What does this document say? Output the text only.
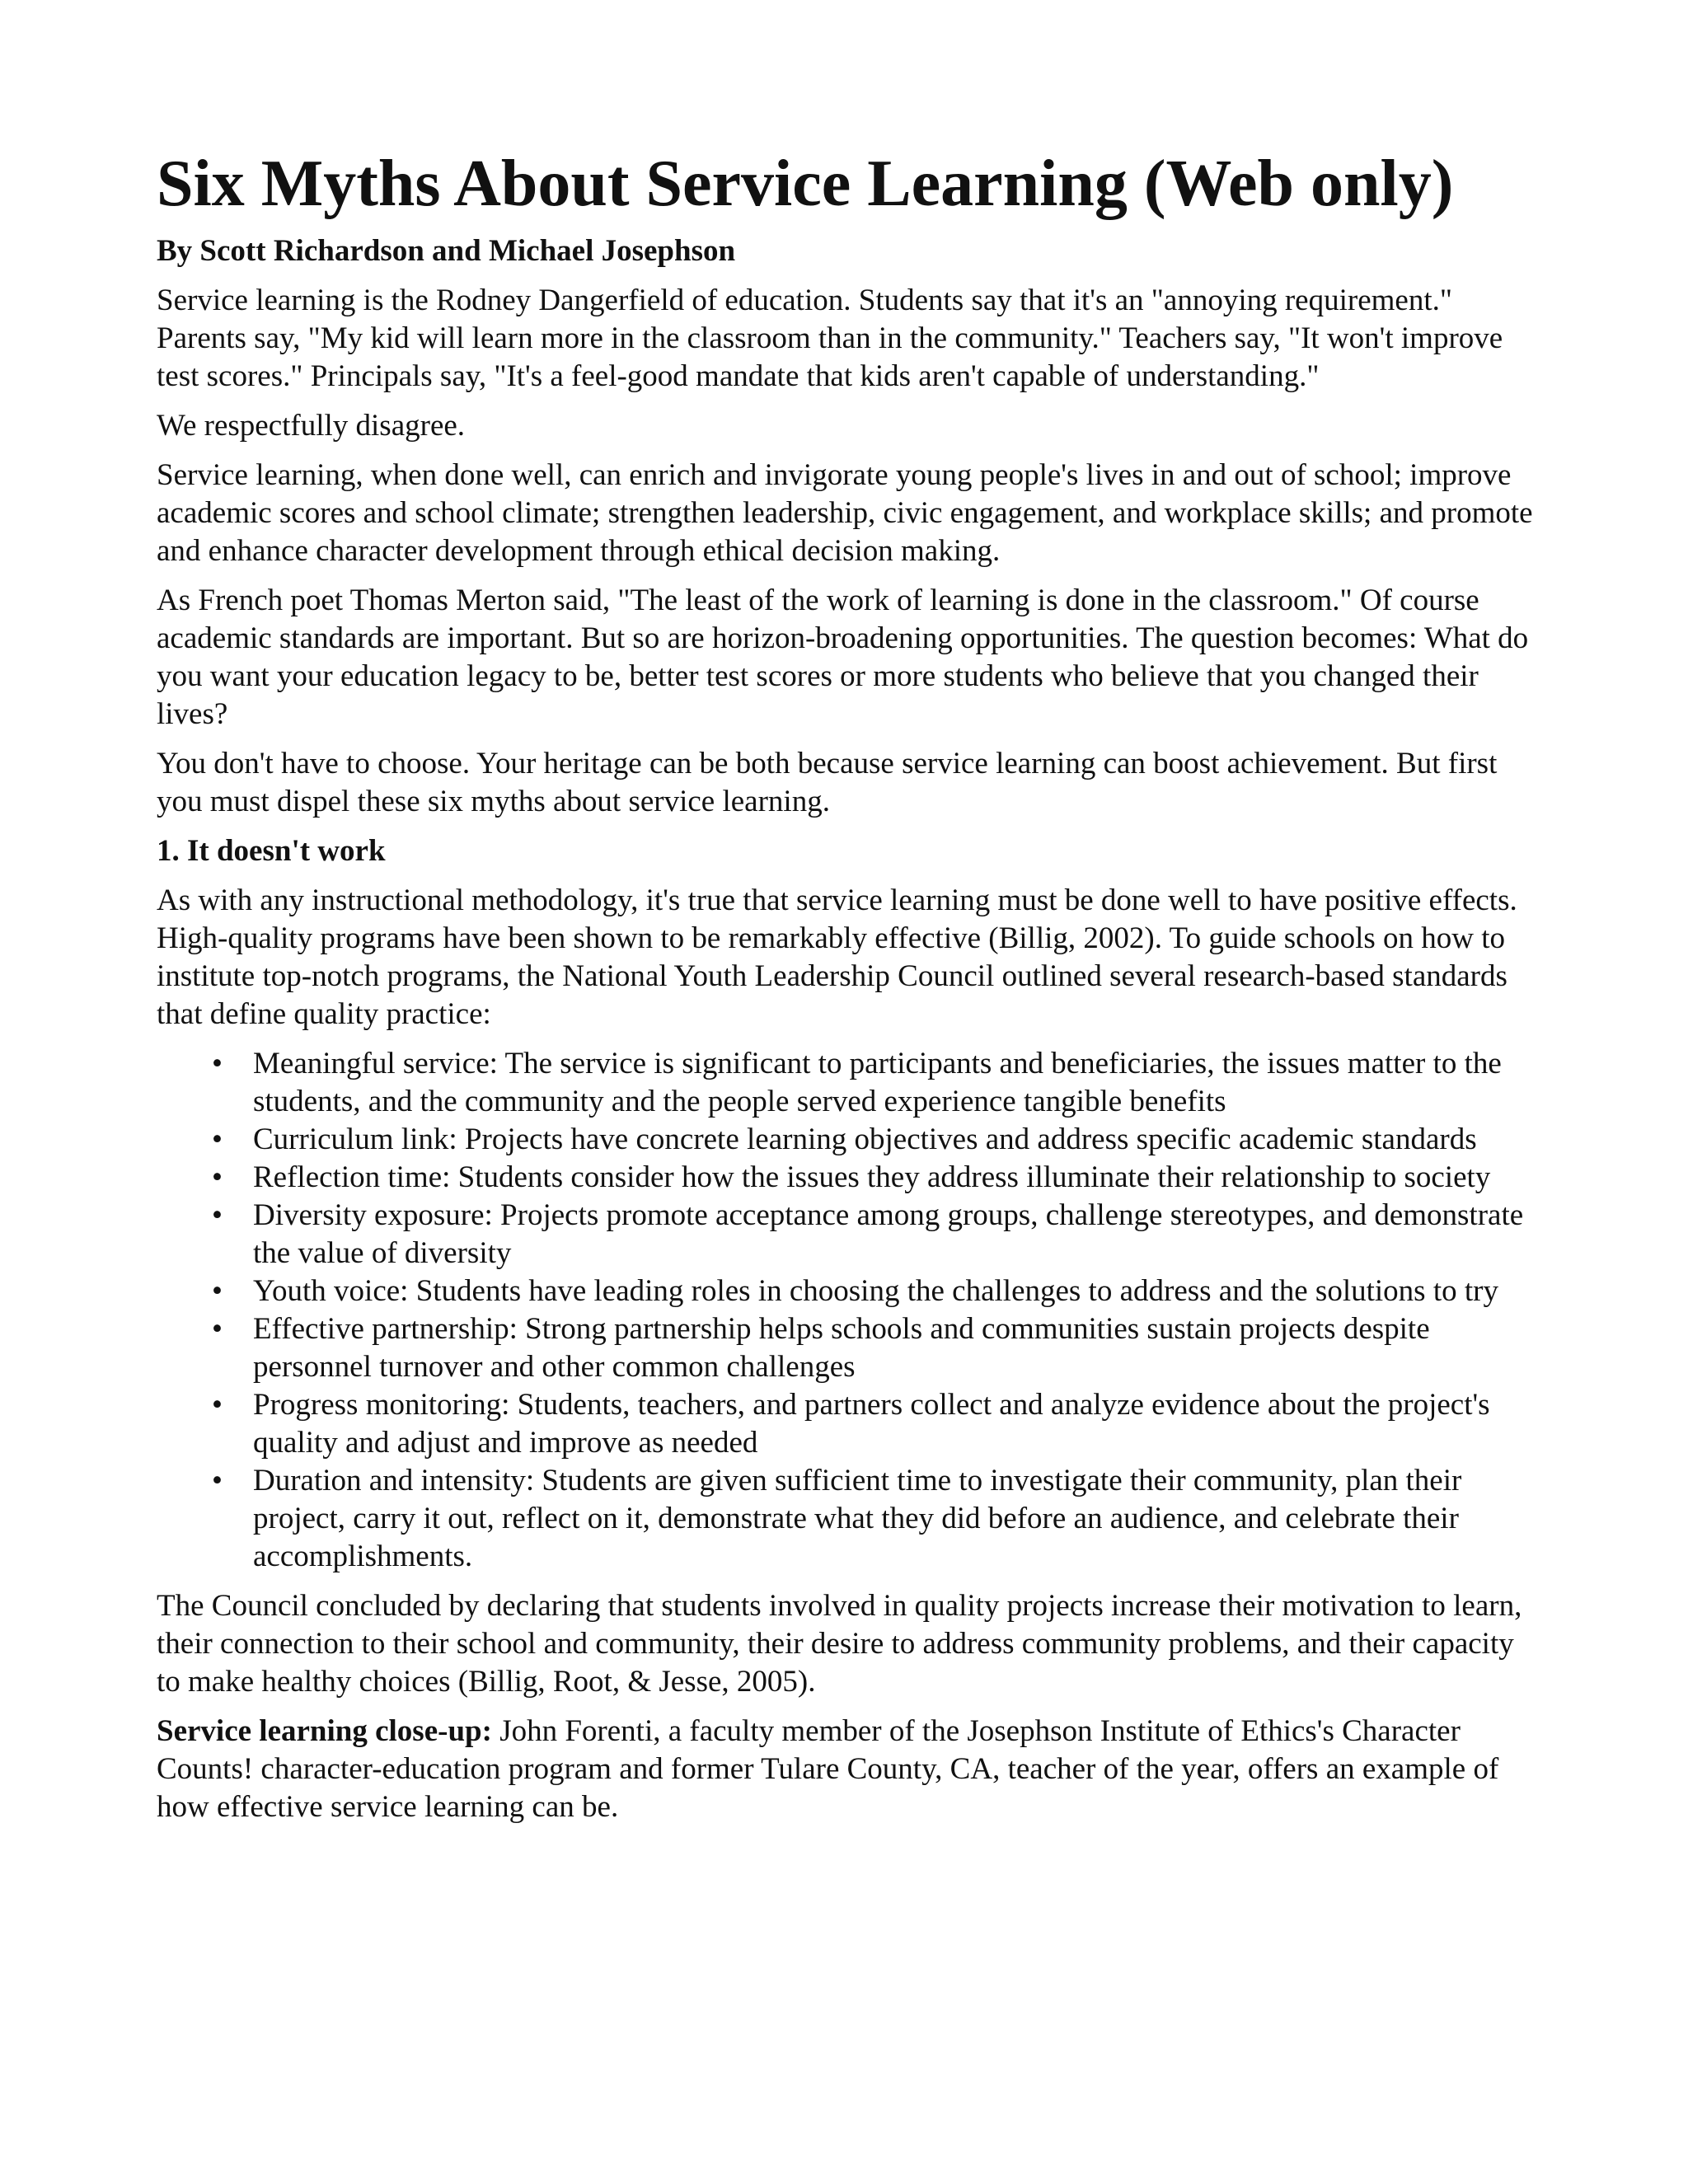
Six Myths About Service Learning (Web only)
By Scott Richardson and Michael Josephson

Service learning is the Rodney Dangerfield of education. Students say that it's an "annoying requirement." Parents say, "My kid will learn more in the classroom than in the community." Teachers say, "It won't improve test scores." Principals say, "It's a feel-good mandate that kids aren't capable of understanding."

We respectfully disagree.

Service learning, when done well, can enrich and invigorate young people's lives in and out of school; improve academic scores and school climate; strengthen leadership, civic engagement, and workplace skills; and promote and enhance character development through ethical decision making.

As French poet Thomas Merton said, "The least of the work of learning is done in the classroom." Of course academic standards are important. But so are horizon-broadening opportunities. The question becomes: What do you want your education legacy to be, better test scores or more students who believe that you changed their lives?

You don't have to choose. Your heritage can be both because service learning can boost achievement. But first you must dispel these six myths about service learning.

1. It doesn't work

As with any instructional methodology, it's true that service learning must be done well to have positive effects. High-quality programs have been shown to be remarkably effective (Billig, 2002). To guide schools on how to institute top-notch programs, the National Youth Leadership Council outlined several research-based standards that define quality practice:

• Meaningful service: The service is significant to participants and beneficiaries, the issues matter to the students, and the community and the people served experience tangible benefits
• Curriculum link: Projects have concrete learning objectives and address specific academic standards
• Reflection time: Students consider how the issues they address illuminate their relationship to society
• Diversity exposure: Projects promote acceptance among groups, challenge stereotypes, and demonstrate the value of diversity
• Youth voice: Students have leading roles in choosing the challenges to address and the solutions to try
• Effective partnership: Strong partnership helps schools and communities sustain projects despite personnel turnover and other common challenges
• Progress monitoring: Students, teachers, and partners collect and analyze evidence about the project's quality and adjust and improve as needed
• Duration and intensity: Students are given sufficient time to investigate their community, plan their project, carry it out, reflect on it, demonstrate what they did before an audience, and celebrate their accomplishments.

The Council concluded by declaring that students involved in quality projects increase their motivation to learn, their connection to their school and community, their desire to address community problems, and their capacity to make healthy choices (Billig, Root, & Jesse, 2005).

Service learning close-up: John Forenti, a faculty member of the Josephson Institute of Ethics's Character Counts! character-education program and former Tulare County, CA, teacher of the year, offers an example of how effective service learning can be.
